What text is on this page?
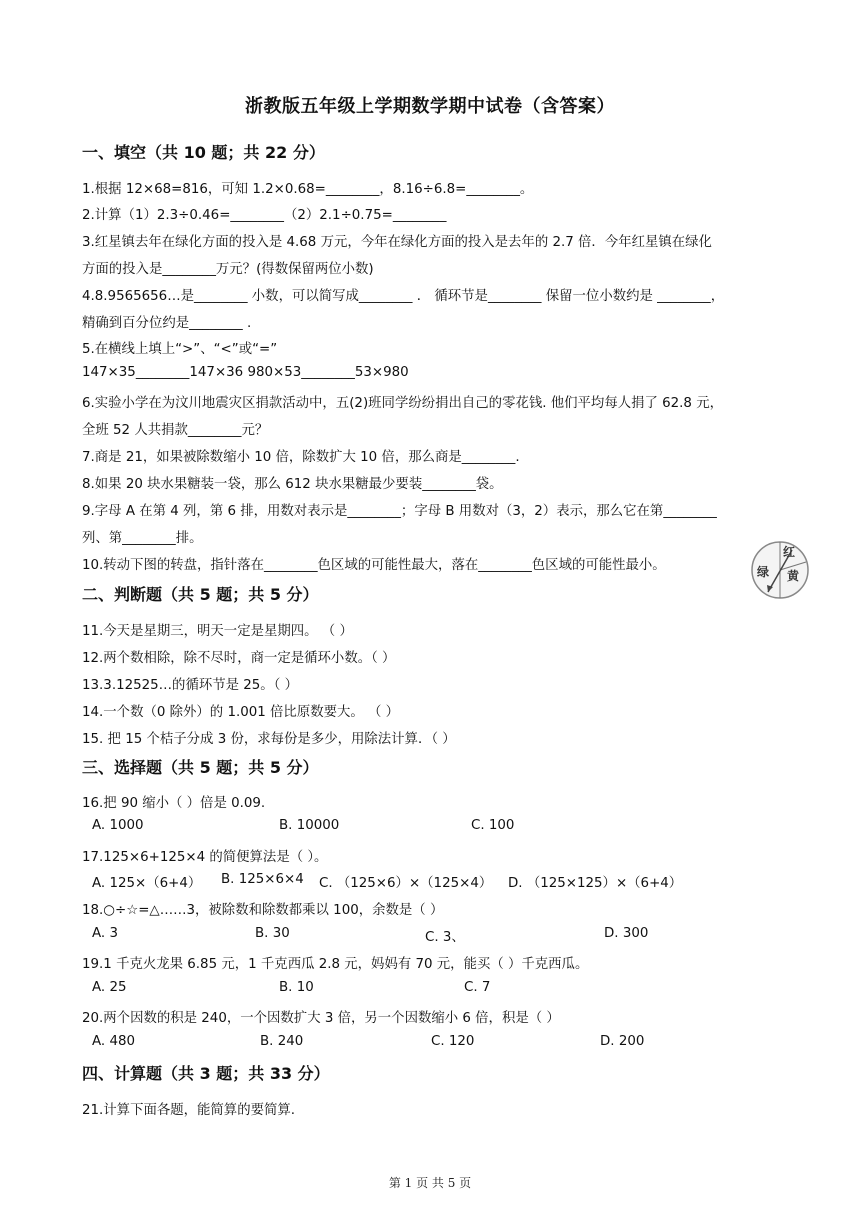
浙教版五年级上学期数学期中试卷（含答案）
一、填空（共 10 题；共 22 分）
1.根据 12×68=816，可知 1.2×0.68=________，8.16÷6.8=________。
2.计算（1）2.3÷0.46=________（2）2.1÷0.75=________
3.红星镇去年在绿化方面的投入是 4.68 万元，今年在绿化方面的投入是去年的 2.7 倍．今年红星镇在绿化
方面的投入是________万元？(得数保留两位小数)
4.8.9565656…是________ 小数，可以简写成________ ． 循环节是________ 保留一位小数约是 ________，
精确到百分位约是________ .
5.在横线上填上“>”、“<”或“=”
147×35________147×36 980×53________53×980
6.实验小学在为汶川地震灾区捐款活动中，五(2)班同学纷纷捐出自己的零花钱. 他们平均每人捐了 62.8 元，
全班 52 人共捐款________元？
7.商是 21，如果被除数缩小 10 倍，除数扩大 10 倍，那么商是________.
8.如果 20 块水果糖装一袋，那么 612 块水果糖最少要装________袋。
9.字母 A 在第 4 列，第 6 排，用数对表示是________；字母 B 用数对（3，2）表示，那么它在第________
列、第________排。
10.转动下图的转盘，指针落在________色区域的可能性最大，落在________色区域的可能性最小。
红
黄
绿
二、判断题（共 5 题；共 5 分）
11.今天是星期三，明天一定是星期四。 （ ）
12.两个数相除，除不尽时，商一定是循环小数。（ ）
13.3.12525…的循环节是 25。（ ）
14.一个数（0 除外）的 1.001 倍比原数要大。 （ ）
15. 把 15 个桔子分成 3 份，求每份是多少，用除法计算．（ ）
三、选择题（共 5 题；共 5 分）
16.把 90 缩小（ ）倍是 0.09.
A. 1000	B. 10000	C. 100
17.125×6+125×4 的简便算法是（ ）。
A. 125×（6+4） B. 125×6×4 C. （125×6）×（125×4） D. （125×125）×（6+4）
18.○÷☆=△……3，被除数和除数都乘以 100，余数是（ ）
A. 3	B. 30	C. 3、	D. 300
19.1 千克火龙果 6.85 元，1 千克西瓜 2.8 元，妈妈有 70 元，能买（ ）千克西瓜。
A. 25	B. 10	C. 7
20.两个因数的积是 240，一个因数扩大 3 倍，另一个因数缩小 6 倍，积是（ ）
A. 480	B. 240	C. 120	D. 200
四、计算题（共 3 题；共 33 分）
21.计算下面各题，能简算的要简算.
第 1 页 共 5 页
